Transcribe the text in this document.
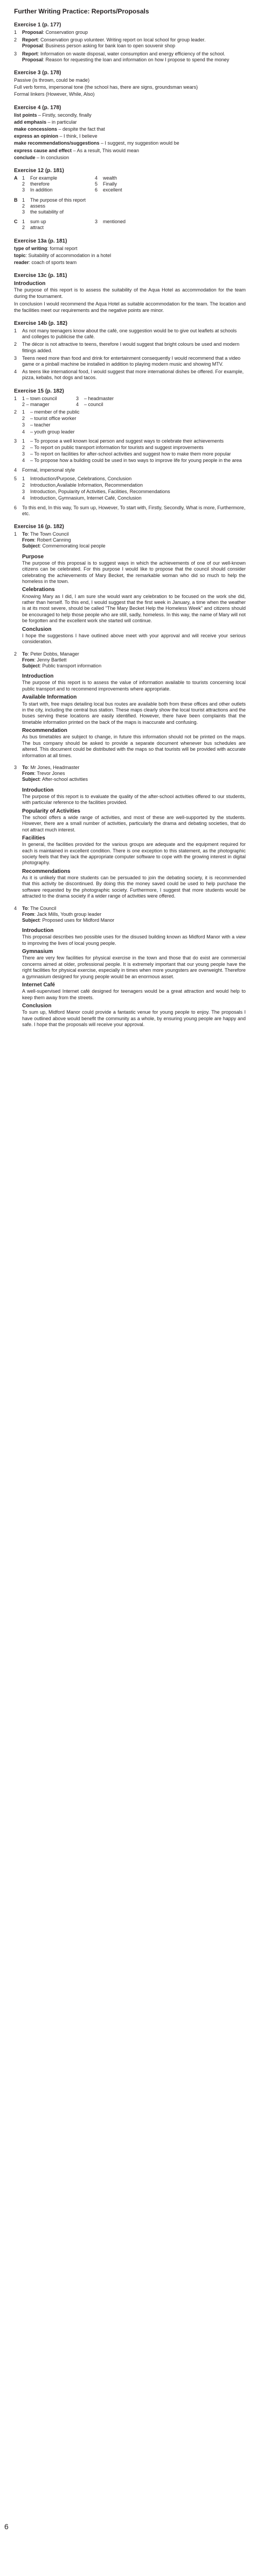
Further Writing Practice: Reports/Proposals
Exercise 1 (p. 177)
1	Proposal: Conservation group
2	Report: Conservation group volunteer. Writing report on local school for group leader.
Proposal: Business person asking for bank loan to open souvenir shop
3	Report: Information on waste disposal, water consumption and energy efficiency of the school.
Proposal: Reason for requesting the loan and information on how I propose to spend the money
Exercise 3 (p. 178)
Passive (is thrown, could be made)
Full verb forms, impersonal tone (the school has, there are signs, groundsman wears)
Formal linkers (However, While, Also)
Exercise 4 (p. 178)
list points – Firstly, secondly, finally
add emphasis – in particular
make concessions – despite the fact that
express an opinion – I think, I believe
make recommendations/suggestions – I suggest, my suggestion would be
express cause and effect – As a result, This would mean
conclude – In conclusion
Exercise 12 (p. 181)
A 1	For example	4	wealth
2	therefore	5	Finally
3	In addition	6	excellent
B 1	The purpose of this report
2	assess
3	the suitability of
C 1	sum up	3	mentioned
2	attract
Exercise 13a (p. 181)
type of writing: formal report
topic: Suitability of accommodation in a hotel
reader: coach of sports team
Exercise 13c (p. 181)
Introduction
The purpose of this report is to assess the suitability of the Aqua Hotel as accommodation for the team during the tournament.
In conclusion I would recommend the Aqua Hotel as suitable accommodation for the team. The location and the facilities meet our requirements and the negative points are minor.
Exercise 14b (p. 182)
1	As not many teenagers know about the café, one suggestion would be to give out leaflets at schools and colleges to publicise the café.
2	The décor is not attractive to teens, therefore I would suggest that bright colours be used and modern fittings added.
3	Teens need more than food and drink for entertainment consequently I would recommend that a video game or a pinball machine be installed in addition to playing modern music and showing MTV.
4	As teens like international food, I would suggest that more international dishes be offered. For example, pizza, kebabs, hot dogs and tacos.
Exercise 15 (p. 182)
1	1 – town council	3	– headmaster
2 – manager	4	– council
2	1	– member of the public
2	– tourist office worker
3	– teacher
4	– youth group leader
3	1	– To propose a well known local person and suggest ways to celebrate their achievements
2	– To report on public transport information for tourists and suggest improvements
3	– To report on facilities for after-school activities and suggest how to make them more popular
4	– To propose how a building could be used in two ways to improve life for young people in the area
4	Formal, impersonal style
5	1	Introduction/Purpose, Celebrations, Conclusion
2	Introduction,Available Information, Recommendation
3	Introduction, Popularity of Activities, Facilities, Recommendations
4	Introduction, Gymnasium, Internet Café, Conclusion
6	To this end, In this way, To sum up, However, To start with, Firstly, Secondly, What is more, Furthermore, etc.
Exercise 16 (p. 182)
1	To: The Town Council
From: Robert Canning
Subject: Commemorating local people
Purpose
The purpose of this proposal is to suggest ways in which the achievements of one of our well-known citizens can be celebrated. For this purpose I would like to propose that the council should consider celebrating the achievements of Mary Becket, the remarkable woman who did so much to help the homeless in the town.
Celebrations
Knowing Mary as I did, I am sure she would want any celebration to be focused on the work she did, rather than herself. To this end, I would suggest that the first week in January, a time when the weather is at its most severe, should be called "The Mary Becket Help the Homeless Week" and citizens should be encouraged to help those people who are still, sadly, homeless. In this way, the name of Mary will not be forgotten and the excellent work she started will continue.
Conclusion
I hope the suggestions I have outlined above meet with your approval and will receive your serious consideration.
2	To: Peter Dobbs, Manager
From: Jenny Bartlett
Subject: Public transport information
Introduction
The purpose of this report is to assess the value of information available to tourists concerning local public transport and to recommend improvements where appropriate.
Available Information
To start with, free maps detailing local bus routes are available both from these offices and other outlets in the city, including the central bus station. These maps clearly show the local tourist attractions and the buses serving these locations are easily identified. However, there have been complaints that the timetable information printed on the back of the maps is inaccurate and confusing.
Recommendation
As bus timetables are subject to change, in future this information should not be printed on the maps. The bus company should be asked to provide a separate document whenever bus schedules are altered. This document could be distributed with the maps so that tourists will be provided with accurate information at all times.
3	To: Mr Jones, Headmaster
From: Trevor Jones
Subject: After-school activities
Introduction
The purpose of this report is to evaluate the quality of the after-school activities offered to our students, with particular reference to the facilities provided.
Popularity of Activities
The school offers a wide range of activities, and most of these are well-supported by the students. However, there are a small number of activities, particularly the drama and debating societies, that do not attract much interest.
Facilities
In general, the facilities provided for the various groups are adequate and the equipment required for each is maintained in excellent condition. There is one exception to this statement, as the photographic society feels that they lack the appropriate computer software to cope with the growing interest in digital photography.
Recommendations
As it is unlikely that more students can be persuaded to join the debating society, it is recommended that this activity be discontinued. By doing this the money saved could be used to help purchase the software requested by the photographic society. Furthermore, I suggest that more students would be attracted to the drama society if a wider range of activities were offered.
4	To: The Council
From: Jack Mills, Youth group leader
Subject: Proposed uses for Midford Manor
Introduction
This proposal describes two possible uses for the disused building known as Midford Manor with a view to improving the lives of local young people.
Gymnasium
There are very few facilities for physical exercise in the town and those that do exist are commercial concerns aimed at older, professional people. It is extremely important that our young people have the right facilities for physical exercise, especially in times when more youngsters are overweight. Therefore a gymnasium designed for young people would be an enormous asset.
Internet Café
A well-supervised Internet café designed for teenagers would be a great attraction and would help to keep them away from the streets.
Conclusion
To sum up, Midford Manor could provide a fantastic venue for young people to enjoy. The proposals I have outlined above would benefit the community as a whole, by ensuring young people are happy and safe. I hope that the proposals will receive your approval.
6
